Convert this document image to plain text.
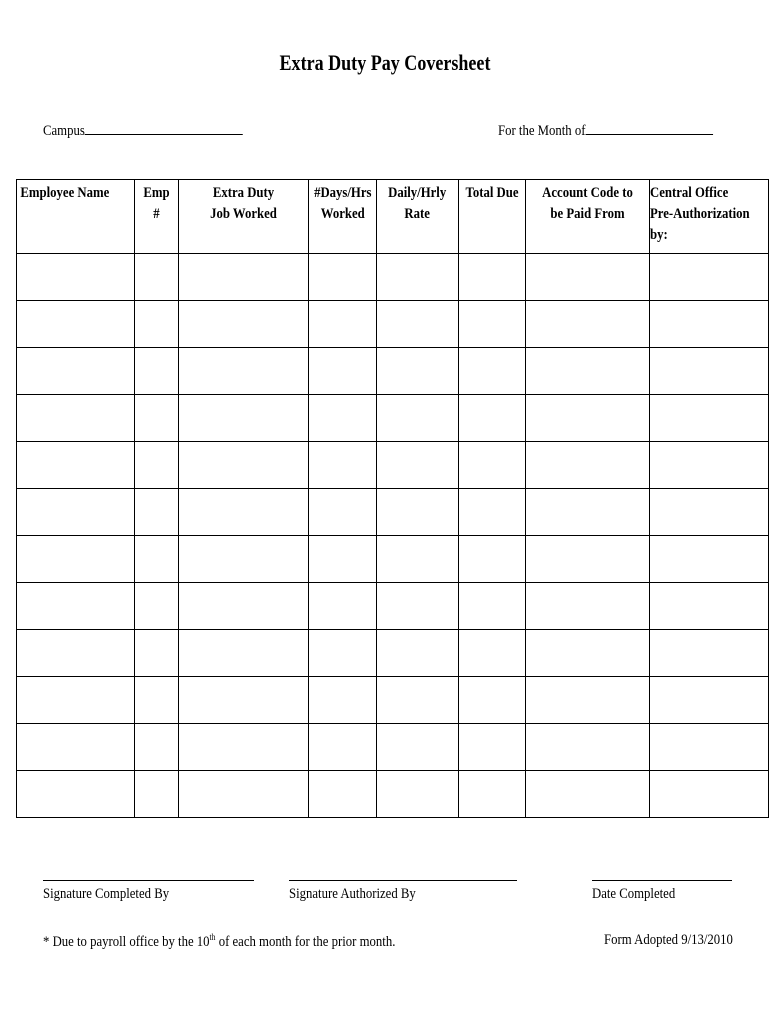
Extra Duty Pay Coversheet
Campus	For the Month of
Employee Name	Emp #	Extra Duty Job Worked	#Days/Hrs Worked	Daily/Hrly Rate	Total Due	Account Code to be Paid From	Central Office Pre-Authorization by:

Signature Completed By	Signature Authorized By	Date Completed
* Due to payroll office by the 10th of each month for the prior month.	Form Adopted 9/13/2010
